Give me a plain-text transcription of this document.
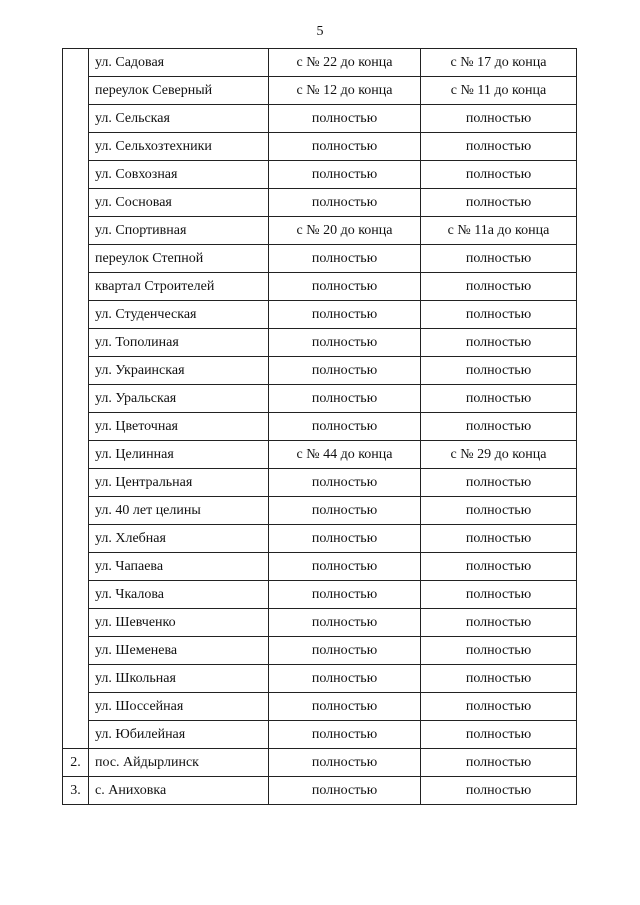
5
	ул. Садовая	с № 22 до конца	с № 17 до конца
	переулок Северный	с № 12 до конца	с № 11 до конца
	ул. Сельская	полностью	полностью
	ул. Сельхозтехники	полностью	полностью
	ул. Совхозная	полностью	полностью
	ул. Сосновая	полностью	полностью
	ул. Спортивная	с № 20 до конца	с № 11а до конца
	переулок Степной	полностью	полностью
	квартал Строителей	полностью	полностью
	ул. Студенческая	полностью	полностью
	ул. Тополиная	полностью	полностью
	ул. Украинская	полностью	полностью
	ул. Уральская	полностью	полностью
	ул. Цветочная	полностью	полностью
	ул. Целинная	с № 44 до конца	с № 29 до конца
	ул. Центральная	полностью	полностью
	ул. 40 лет целины	полностью	полностью
	ул. Хлебная	полностью	полностью
	ул. Чапаева	полностью	полностью
	ул. Чкалова	полностью	полностью
	ул. Шевченко	полностью	полностью
	ул. Шеменева	полностью	полностью
	ул. Школьная	полностью	полностью
	ул. Шоссейная	полностью	полностью
	ул. Юбилейная	полностью	полностью
2.	пос. Айдырлинск	полностью	полностью
3.	с. Аниховка	полностью	полностью
